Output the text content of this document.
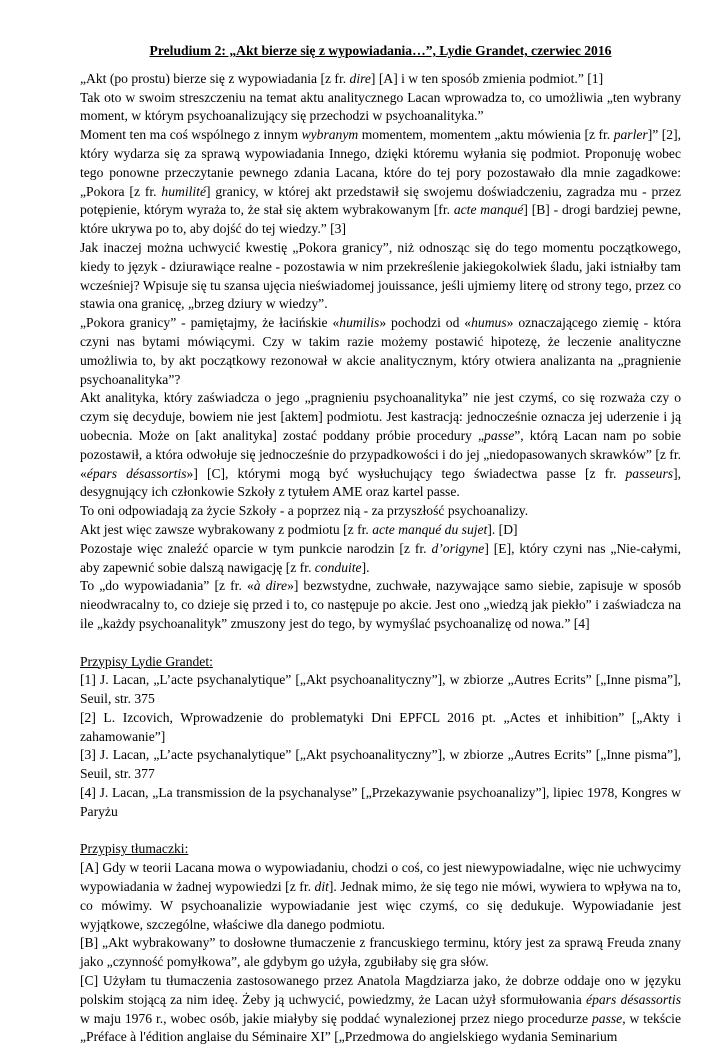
Preludium 2: „Akt bierze się z wypowiadania…”, Lydie Grandet, czerwiec 2016

„Akt (po prostu) bierze się z wypowiadania [z fr. dire] [A] i w ten sposób zmienia podmiot.” [1]

Tak oto w swoim streszczeniu na temat aktu analitycznego Lacan wprowadza to, co umożliwia „ten wybrany moment, w którym psychoanalizujący się przechodzi w psychoanalityka.”

Moment ten ma coś wspólnego z innym wybranym momentem, momentem „aktu mówienia [z fr. parler]” [2], który wydarza się za sprawą wypowiadania Innego, dzięki któremu wyłania się podmiot. Proponuję wobec tego ponowne przeczytanie pewnego zdania Lacana, które do tej pory pozostawało dla mnie zagadkowe: „Pokora [z fr. humilité] granicy, w której akt przedstawił się swojemu doświadczeniu, zagradza mu - przez potępienie, którym wyraża to, że stał się aktem wybrakowanym [fr. acte manqué] [B] - drogi bardziej pewne, które ukrywa po to, aby dojść do tej wiedzy.” [3]

Jak inaczej można uchwycić kwestię „Pokora granicy”, niż odnosząc się do tego momentu początkowego, kiedy to język - dziurawiące realne - pozostawia w nim przekreślenie jakiegokolwiek śladu, jaki istniałby tam wcześniej? Wpisuje się tu szansa ujęcia nieświadomej jouissance, jeśli ujmiemy literę od strony tego, przez co stawia ona granicę, „brzeg dziury w wiedzy”.

„Pokora granicy” - pamiętajmy, że łacińskie «humilis» pochodzi od «humus» oznaczającego ziemię - która czyni nas bytami mówiącymi. Czy w takim razie możemy postawić hipotezę, że leczenie analityczne umożliwia to, by akt początkowy rezonował w akcie analitycznym, który otwiera analizanta na „pragnienie psychoanalityka”?

Akt analityka, który zaświadcza o jego „pragnieniu psychoanalityka” nie jest czymś, co się rozważa czy o czym się decyduje, bowiem nie jest [aktem] podmiotu. Jest kastracją: jednocześnie oznacza jej uderzenie i ją uobecnia. Może on [akt analityka] zostać poddany próbie procedury „passe”, którą Lacan nam po sobie pozostawił, a która odwołuje się jednocześnie do przypadkowości i do jej „niedopasowanych skrawków” [z fr. «épars désassortis»] [C], którymi mogą być wysłuchujący tego świadectwa passe [z fr. passeurs], desygnujący ich członkowie Szkoły z tytułem AME oraz kartel passe.

To oni odpowiadają za życie Szkoły - a poprzez nią - za przyszłość psychoanalizy.

Akt jest więc zawsze wybrakowany z podmiotu [z fr. acte manqué du sujet]. [D]

Pozostaje więc znaleźć oparcie w tym punkcie narodzin [z fr. d’origyne] [E], który czyni nas „Nie-całymi, aby zapewnić sobie dalszą nawigację [z fr. conduite].

To „do wypowiadania” [z fr. «à dire»] bezwstydne, zuchwałe, nazywające samo siebie, zapisuje w sposób nieodwracalny to, co dzieje się przed i to, co następuje po akcie. Jest ono „wiedzą jak piekło” i zaświadcza na ile „każdy psychoanalityk” zmuszony jest do tego, by wymyślać psychoanalizę od nowa.” [4]

Przypisy Lydie Grandet:

[1] J. Lacan, „L’acte psychanalytique” [„Akt psychoanalityczny”], w zbiorze „Autres Ecrits” [„Inne pisma”], Seuil, str. 375

[2] L. Izcovich, Wprowadzenie do problematyki Dni EPFCL 2016 pt. „Actes et inhibition” [„Akty i zahamowanie”]

[3] J. Lacan, „L’acte psychanalytique” [„Akt psychoanalityczny”], w zbiorze „Autres Ecrits” [„Inne pisma”], Seuil, str. 377

[4] J. Lacan, „La transmission de la psychanalyse” [„Przekazywanie psychoanalizy”], lipiec 1978, Kongres w Paryżu

Przypisy tłumaczki:

[A] Gdy w teorii Lacana mowa o wypowiadaniu, chodzi o coś, co jest niewypowiadalne, więc nie uchwycimy wypowiadania w żadnej wypowiedzi [z fr. dit]. Jednak mimo, że się tego nie mówi, wywiera to wpływa na to, co mówimy. W psychoanalizie wypowiadanie jest więc czymś, co się dedukuje. Wypowiadanie jest wyjątkowe, szczególne, właściwe dla danego podmiotu.

[B] „Akt wybrakowany” to dosłowne tłumaczenie z francuskiego terminu, który jest za sprawą Freuda znany jako „czynność pomyłkowa”, ale gdybym go użyła, zgubiłaby się gra słów.

[C] Użyłam tu tłumaczenia zastosowanego przez Anatola Magdziarza jako, że dobrze oddaje ono w języku polskim stojącą za nim ideę. Żeby ją uchwycić, powiedzmy, że Lacan użył sformułowania épars désassortis w maju 1976 r., wobec osób, jakie miałyby się poddać wynalezionej przez niego procedurze passe, w tekście „Préface à l'édition anglaise du Séminaire XI” [„Przedmowa do angielskiego wydania Seminarium
